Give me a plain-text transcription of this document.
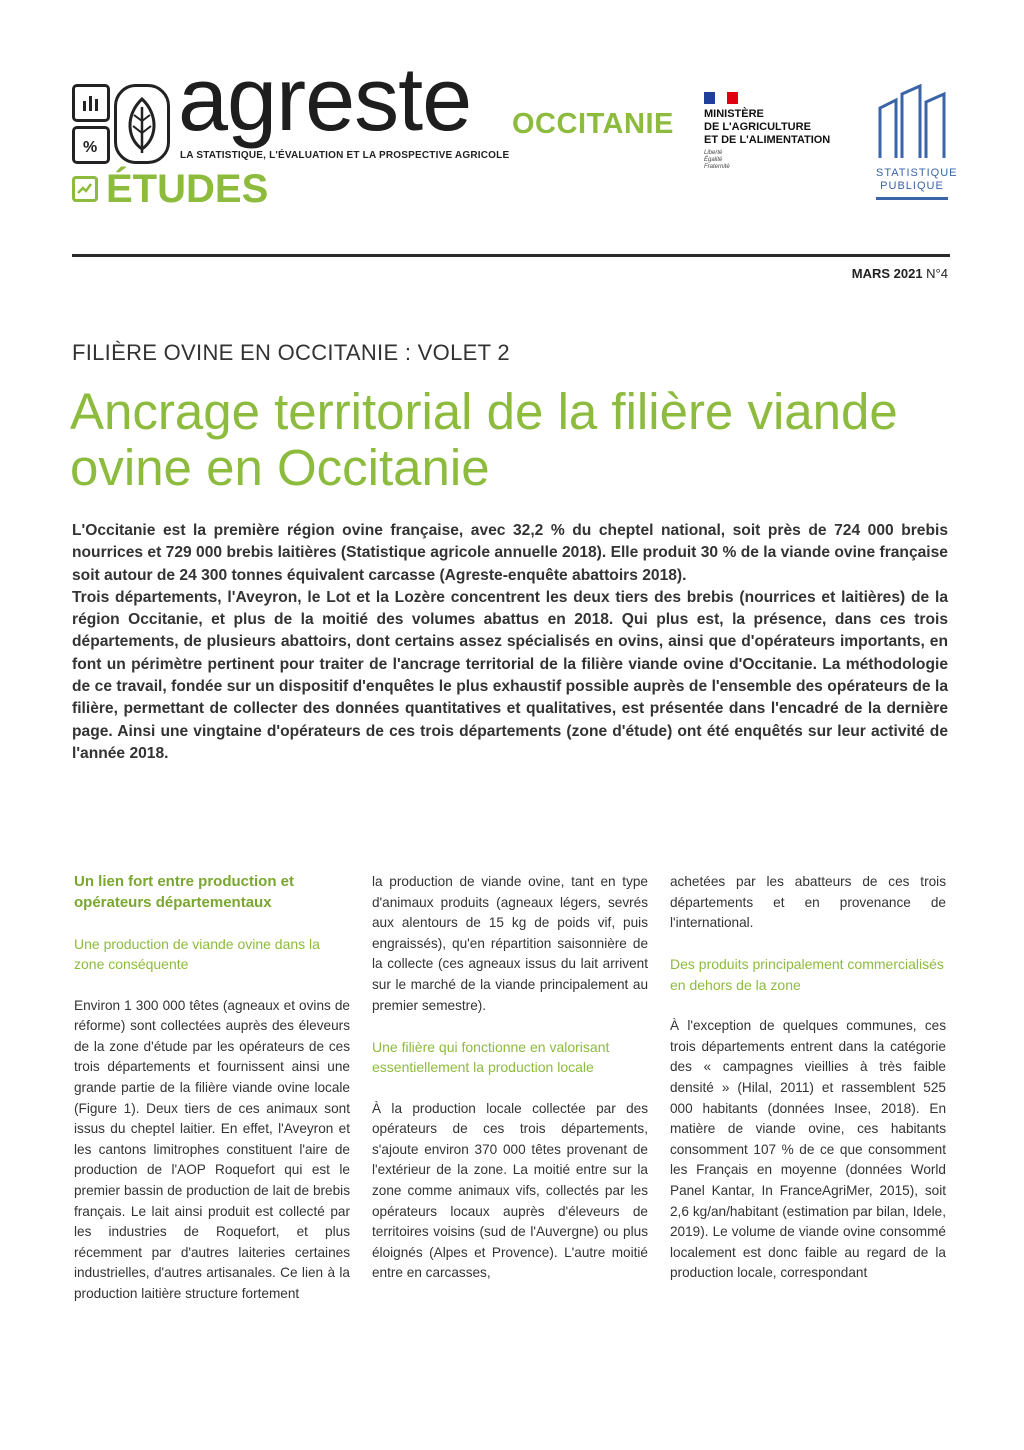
% agreste
LA STATISTIQUE, L'ÉVALUATION ET LA PROSPECTIVE AGRICOLE
ÉTUDES
OCCITANIE	MINISTÈRE
DE L'AGRICULTURE
ET DE L'ALIMENTATION
Liberté
Égalité
Fraternité	STATISTIQUE
PUBLIQUE
MARS 2021 N°4
FILIÈRE OVINE EN OCCITANIE : VOLET 2
Ancrage territorial de la filière viande ovine en Occitanie

L'Occitanie est la première région ovine française, avec 32,2 % du cheptel national, soit près de 724 000 brebis nourrices et 729 000 brebis laitières (Statistique agricole annuelle 2018). Elle produit 30 % de la viande ovine française soit autour de 24 300 tonnes équivalent carcasse (Agreste-enquête abattoirs 2018).

Trois départements, l'Aveyron, le Lot et la Lozère concentrent les deux tiers des brebis (nourrices et laitières) de la région Occitanie, et plus de la moitié des volumes abattus en 2018. Qui plus est, la présence, dans ces trois départements, de plusieurs abattoirs, dont certains assez spécialisés en ovins, ainsi que d'opérateurs importants, en font un périmètre pertinent pour traiter de l'ancrage territorial de la filière viande ovine d'Occitanie. La méthodologie de ce travail, fondée sur un dispositif d'enquêtes le plus exhaustif possible auprès de l'ensemble des opérateurs de la filière, permettant de collecter des données quantitatives et qualitatives, est présentée dans l'encadré de la dernière page. Ainsi une vingtaine d'opérateurs de ces trois départements (zone d'étude) ont été enquêtés sur leur activité de l'année 2018.

Un lien fort entre production et opérateurs départementaux

Une production de viande ovine dans la zone conséquente

Environ 1 300 000 têtes (agneaux et ovins de réforme) sont collectées auprès des éleveurs de la zone d'étude par les opérateurs de ces trois départements et fournissent ainsi une grande partie de la filière viande ovine locale (Figure 1). Deux tiers de ces animaux sont issus du cheptel laitier. En effet, l'Aveyron et les cantons limitrophes constituent l'aire de production de l'AOP Roquefort qui est le premier bassin de production de lait de brebis français. Le lait ainsi produit est collecté par les industries de Roquefort, et plus récemment par d'autres laiteries certaines industrielles, d'autres artisanales. Ce lien à la production laitière structure fortement

la production de viande ovine, tant en type d'animaux produits (agneaux légers, sevrés aux alentours de 15 kg de poids vif, puis engraissés), qu'en répartition saisonnière de la collecte (ces agneaux issus du lait arrivent sur le marché de la viande principalement au premier semestre).

Une filière qui fonctionne en valorisant essentiellement la production locale

À la production locale collectée par des opérateurs de ces trois départements, s'ajoute environ 370 000 têtes provenant de l'extérieur de la zone. La moitié entre sur la zone comme animaux vifs, collectés par les opérateurs locaux auprès d'éleveurs de territoires voisins (sud de l'Auvergne) ou plus éloignés (Alpes et Provence). L'autre moitié entre en carcasses,

achetées par les abatteurs de ces trois départements et en provenance de l'international.

Des produits principalement commercialisés en dehors de la zone

À l'exception de quelques communes, ces trois départements entrent dans la catégorie des « campagnes vieillies à très faible densité » (Hilal, 2011) et rassemblent 525 000 habitants (données Insee, 2018). En matière de viande ovine, ces habitants consomment 107 % de ce que consomment les Français en moyenne (données World Panel Kantar, In FranceAgriMer, 2015), soit 2,6 kg/an/habitant (estimation par bilan, Idele, 2019). Le volume de viande ovine consommé localement est donc faible au regard de la production locale, correspondant
